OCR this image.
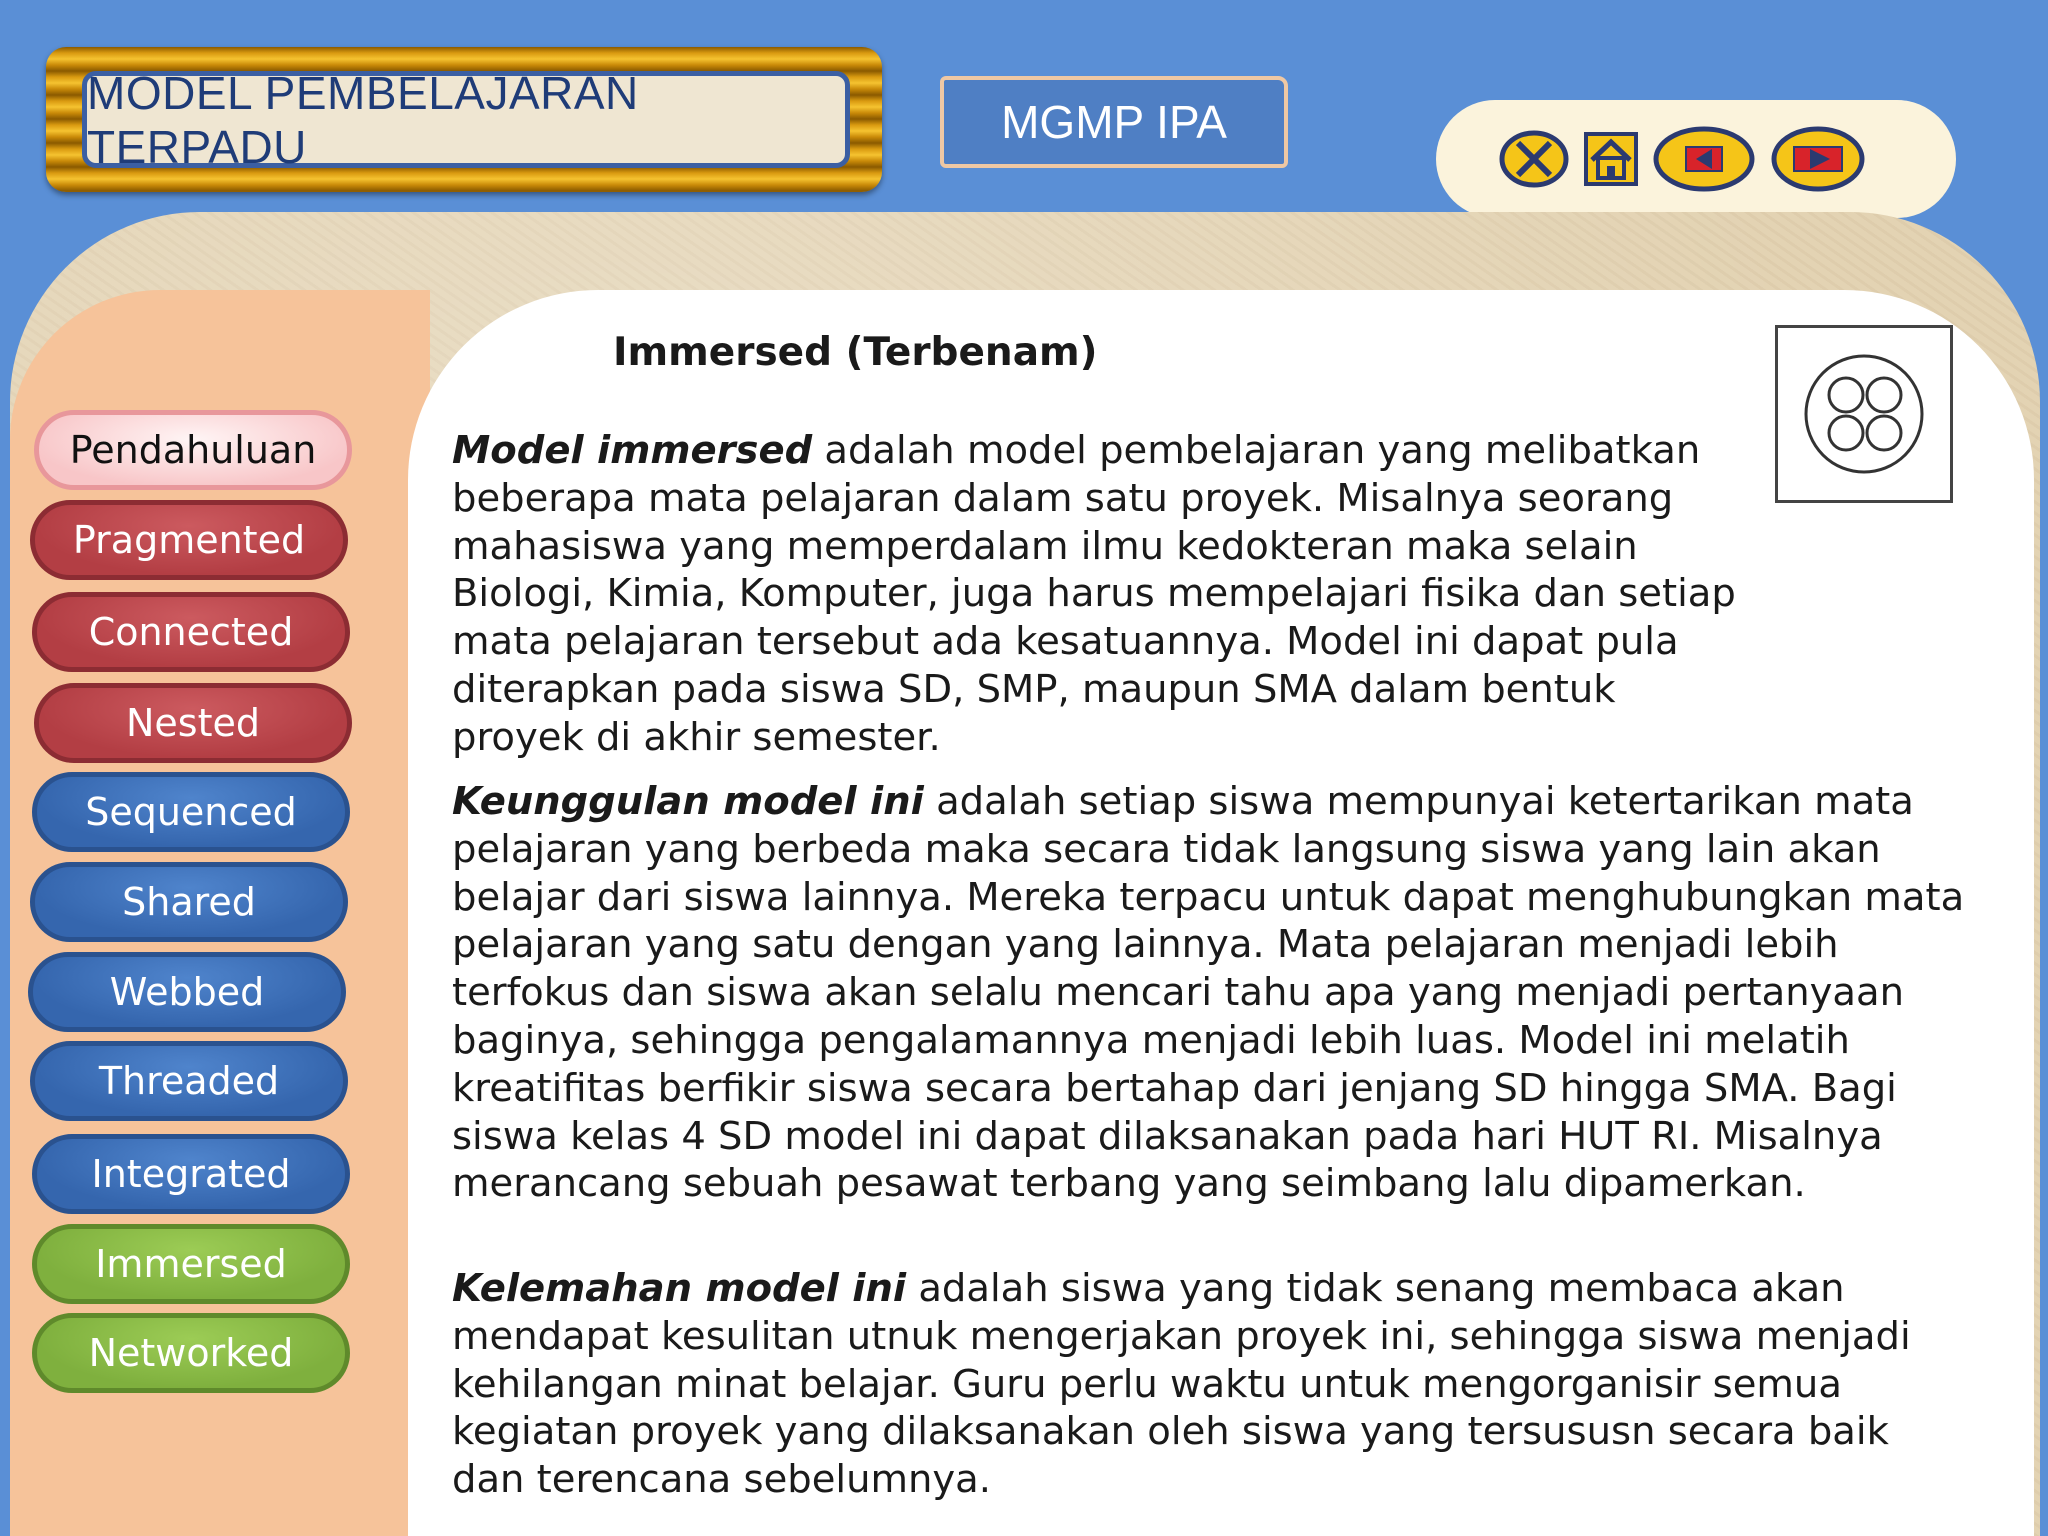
MODEL PEMBELAJARAN TERPADU	MGMP IPA
Pendahuluan
Pragmented
Connected
Nested
Sequenced
Shared
Webbed
Threaded
Integrated
Immersed
Networked
Immersed (Terbenam)

Model immersed adalah model pembelajaran yang melibatkan beberapa mata pelajaran dalam satu proyek. Misalnya seorang mahasiswa yang memperdalam ilmu kedokteran maka selain Biologi, Kimia, Komputer, juga harus mempelajari fisika dan setiap mata pelajaran tersebut ada kesatuannya. Model ini dapat pula diterapkan pada siswa SD, SMP, maupun SMA dalam bentuk proyek di akhir semester.

Keunggulan model ini adalah setiap siswa mempunyai ketertarikan mata pelajaran yang berbeda maka secara tidak langsung siswa yang lain akan belajar dari siswa lainnya. Mereka terpacu untuk dapat menghubungkan mata pelajaran yang satu dengan yang lainnya. Mata pelajaran menjadi lebih terfokus dan siswa akan selalu mencari tahu apa yang menjadi pertanyaan baginya, sehingga pengalamannya menjadi lebih luas. Model ini melatih kreatifitas berfikir siswa secara bertahap dari jenjang SD hingga SMA. Bagi siswa kelas 4 SD model ini dapat dilaksanakan pada hari HUT RI. Misalnya merancang sebuah pesawat terbang yang seimbang lalu dipamerkan.

Kelemahan model ini adalah siswa yang tidak senang membaca akan mendapat kesulitan utnuk mengerjakan proyek ini, sehingga siswa menjadi kehilangan minat belajar. Guru perlu waktu untuk mengorganisir semua kegiatan proyek yang dilaksanakan oleh siswa yang tersususn secara baik dan terencana sebelumnya.
